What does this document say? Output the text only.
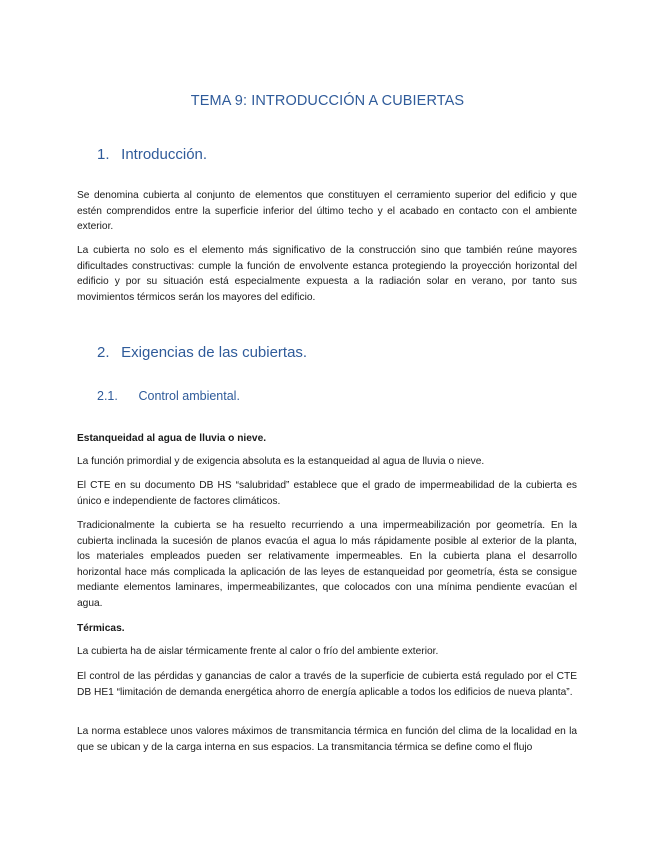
TEMA 9: INTRODUCCIÓN A CUBIERTAS
1. Introducción.
Se denomina cubierta al conjunto de elementos que constituyen el cerramiento superior del edificio y que estén comprendidos entre la superficie inferior del último techo y el acabado en contacto con el ambiente exterior.
La cubierta no solo es el elemento más significativo de la construcción sino que también reúne mayores dificultades constructivas: cumple la función de envolvente estanca protegiendo la proyección horizontal del edificio y por su situación está especialmente expuesta a la radiación solar en verano, por tanto sus movimientos térmicos serán los mayores del edificio.
2. Exigencias de las cubiertas.
2.1. Control ambiental.
Estanqueidad al agua de lluvia o nieve.
La función primordial y de exigencia absoluta es la estanqueidad al agua de lluvia o nieve.
El CTE en su documento DB HS “salubridad” establece que el grado de impermeabilidad de la cubierta es único e independiente de factores climáticos.
Tradicionalmente la cubierta se ha resuelto recurriendo a una impermeabilización por geometría. En la cubierta inclinada la sucesión de planos evacúa el agua lo más rápidamente posible al exterior de la planta, los materiales empleados pueden ser relativamente impermeables. En la cubierta plana el desarrollo horizontal hace más complicada la aplicación de las leyes de estanqueidad por geometría, ésta se consigue mediante elementos laminares, impermeabilizantes, que colocados con una mínima pendiente evacúan el agua.
Térmicas.
La cubierta ha de aislar térmicamente frente al calor o frío del ambiente exterior.
El control de las pérdidas y ganancias de calor a través de la superficie de cubierta está regulado por el CTE DB HE1 “limitación de demanda energética ahorro de energía aplicable a todos los edificios de nueva planta”.
La norma establece unos valores máximos de transmitancia térmica en función del clima de la localidad en la que se ubican y de la carga interna en sus espacios. La transmitancia térmica se define como el flujo
